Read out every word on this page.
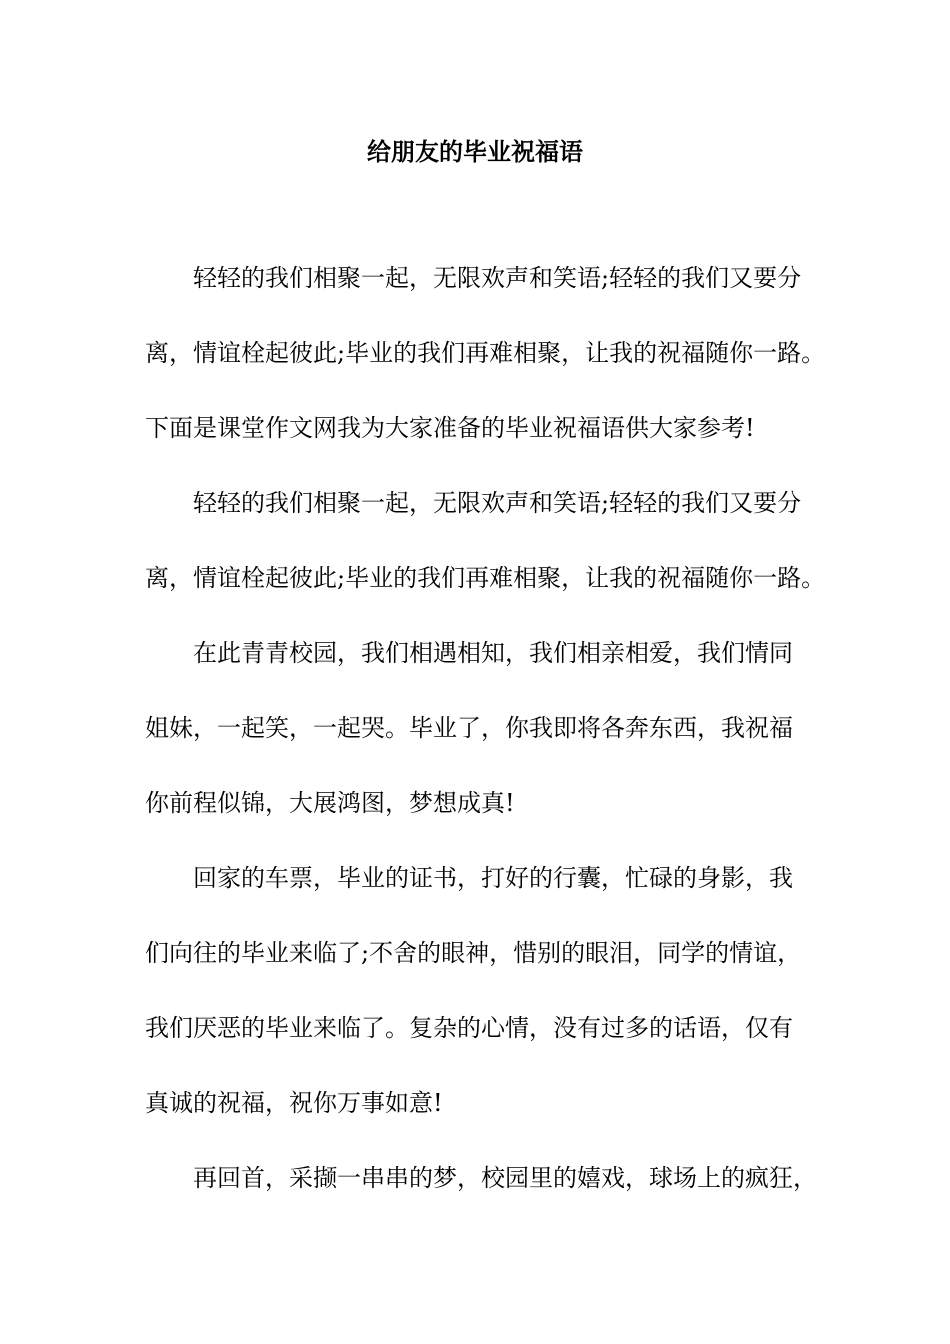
给朋友的毕业祝福语
轻轻的我们相聚一起，无限欢声和笑语;轻轻的我们又要分
离，情谊栓起彼此;毕业的我们再难相聚，让我的祝福随你一路。
下面是课堂作文网我为大家准备的毕业祝福语供大家参考!
轻轻的我们相聚一起，无限欢声和笑语;轻轻的我们又要分
离，情谊栓起彼此;毕业的我们再难相聚，让我的祝福随你一路。
在此青青校园，我们相遇相知，我们相亲相爱，我们情同
姐妹，一起笑，一起哭。毕业了，你我即将各奔东西，我祝福
你前程似锦，大展鸿图，梦想成真!
回家的车票，毕业的证书，打好的行囊，忙碌的身影，我
们向往的毕业来临了;不舍的眼神，惜别的眼泪，同学的情谊，
我们厌恶的毕业来临了。复杂的心情，没有过多的话语，仅有
真诚的祝福，祝你万事如意!
再回首，采撷一串串的梦，校园里的嬉戏，球场上的疯狂，
